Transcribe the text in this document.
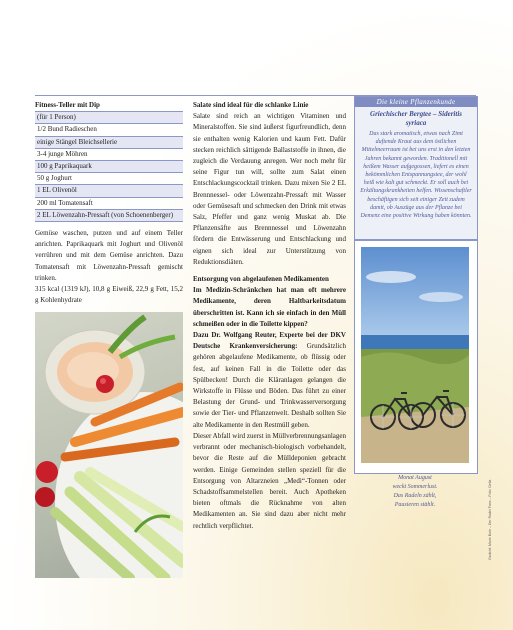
Fitness-Teller mit Dip
(für 1 Person)
1/2 Bund Radieschen
einige Stängel Bleichsellerie
3-4 junge Möhren
100 g Paprikaquark
50 g Joghurt
1 EL Olivenöl
200 ml Tomatensaft
2 EL Löwenzahn-Pressaft (von Schoenenberger)

Gemüse waschen, putzen und auf einem Teller anrichten. Paprikaquark mit Joghurt und Olivenöl verrühren und mit dem Gemüse anrichten. Dazu Tomatensaft mit Löwenzahn-Pressaft gemischt trinken.

315 kcal (1319 kJ), 10,8 g Eiweiß, 22,9 g Fett, 15,2 g Kohlenhydrate

Salate sind ideal für die schlanke Linie

Salate sind reich an wichtigen Vitaminen und Mineralstoffen. Sie sind äußerst figurfreundlich, denn sie enthalten wenig Kalorien und kaum Fett. Dafür stecken reichlich sättigende Ballaststoffe in ihnen, die zugleich die Verdauung anregen. Wer noch mehr für seine Figur tun will, sollte zum Salat einen Entschlackungscocktail trinken. Dazu mixen Sie 2 EL Brennnessel- oder Löwenzahn-Pressaft mit Wasser oder Gemüsesaft und schmecken den Drink mit etwas Salz, Pfeffer und ganz wenig Muskat ab. Die Pflanzensäfte aus Brennnessel und Löwenzahn fördern die Entwässerung und Entschlackung und eignen sich ideal zur Unterstützung von Reduktionsdiäten.

Entsorgung von abgelaufenen Medikamenten

Im Medizin-Schränkchen hat man oft mehrere Medikamente, deren Haltbarkeitsdatum überschritten ist. Kann ich sie einfach in den Müll schmeißen oder in die Toilette kippen?

Dazu Dr. Wolfgang Reuter, Experte bei der DKV Deutsche Krankenversicherung: Grundsätzlich gehören abgelaufene Medikamente, ob flüssig oder fest, auf keinen Fall in die Toilette oder das Spülbecken! Durch die Kläranlagen gelangen die Wirkstoffe in Flüsse und Böden. Das führt zu einer Belastung der Grund- und Trinkwasserversorgung sowie der Tier- und Pflanzenwelt. Deshalb sollten Sie alte Medikamente in den Restmüll geben.

Dieser Abfall wird zuerst in Müllverbrennungsanlagen verbrannt oder mechanisch-biologisch vorbehandelt, bevor die Reste auf die Mülldeponien gebracht werden. Einige Gemeinden stellen speziell für die Entsorgung von Altarzneien „Medi“-Tonnen oder Schadstoffsammelstellen bereit. Auch Apotheken bieten oftmals die Rücknahme von alten Medikamenten an. Sie sind dazu aber nicht mehr rechtlich verpflichtet.

Die kleine Pflanzenkunde
Griechischer Bergtee – Sideritis
syriaca
Das stark aromatisch, etwas nach Zimt duftende Kraut aus dem östlichen Mittelmeerraum ist bei uns erst in den letzten Jahren bekannt geworden. Traditionell mit heißem Wasser aufgegossen, liefert es einen bekömmlichen Entspannungstee, der wohl heiß wie kalt gut schmeckt. Er soll auch bei Erkältungskrankheiten helfen. Wissenschaftler beschäftigen sich seit einiger Zeit zudem damit, ob Auszüge aus der Pflanze bei Demenz eine positive Wirkung haben könnten.
Monat August
weckt Sommerlust.
Das Radeln zählt,
Pausieren stählt.	Gedicht: Marie Buhr – Der Radel Pass – Foto: Della
